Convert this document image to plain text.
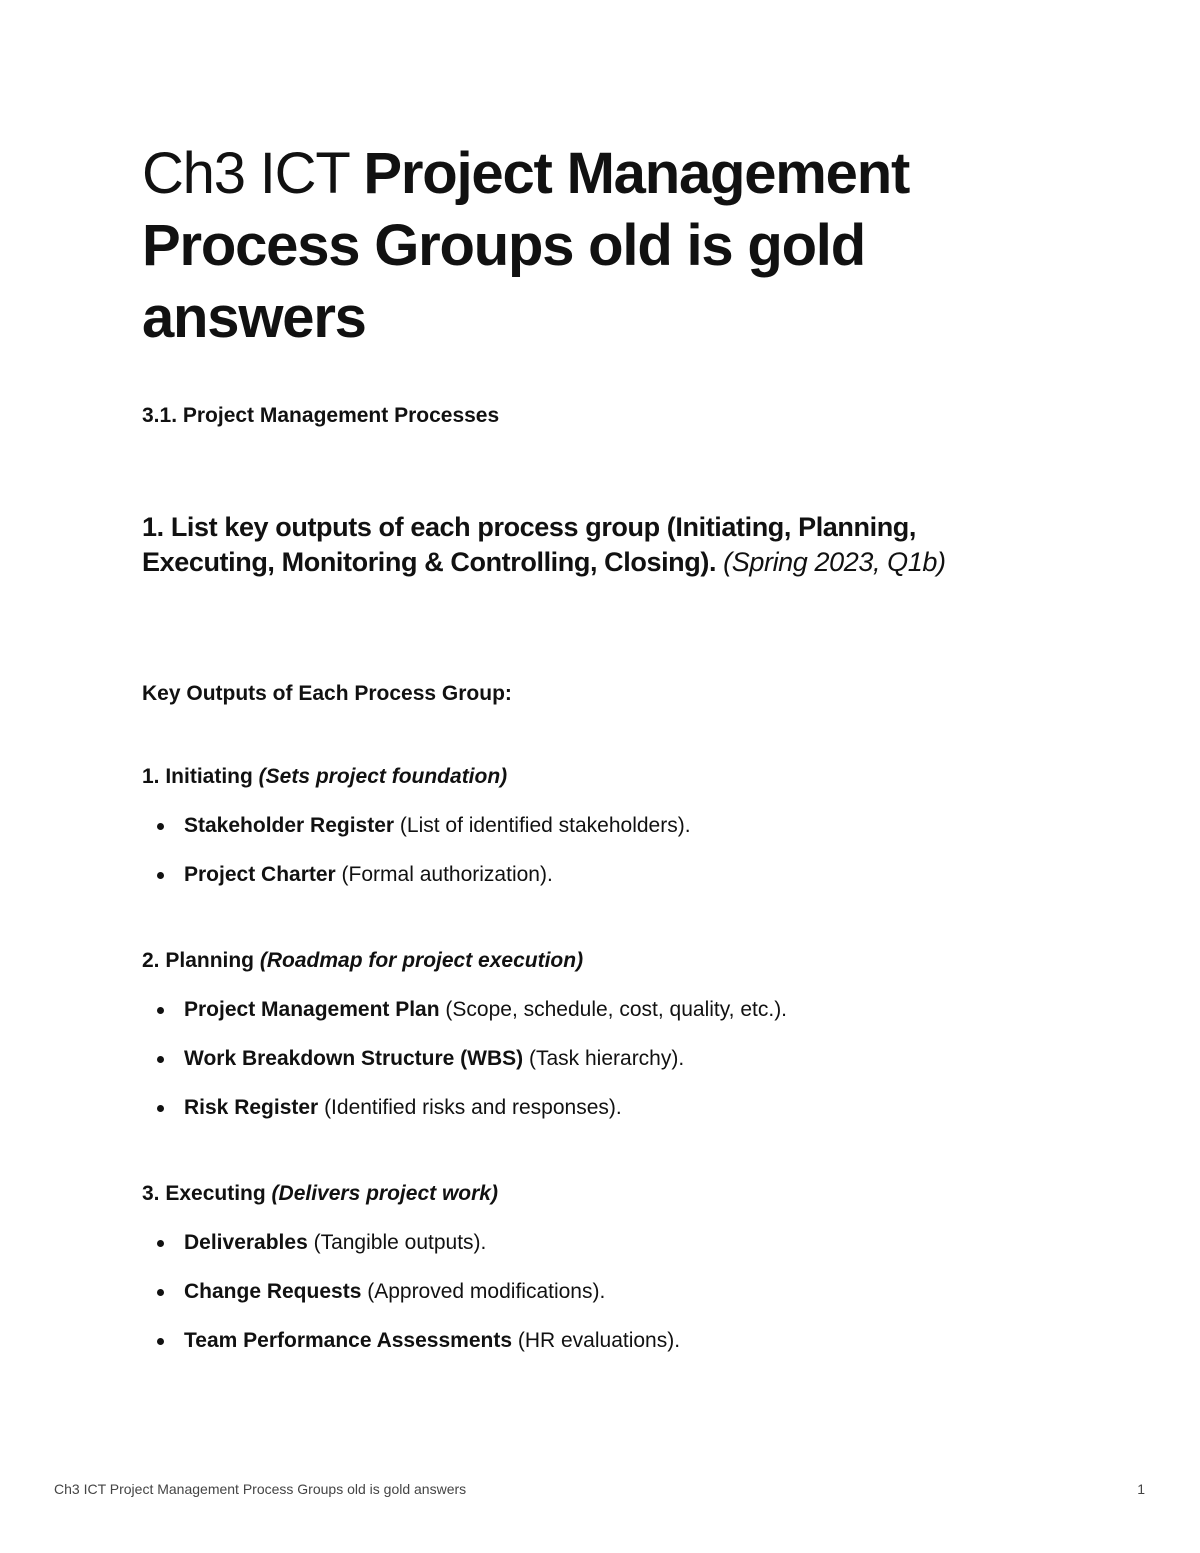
Ch3 ICT Project Management Process Groups old is gold answers

3.1. Project Management Processes

1. List key outputs of each process group (Initiating, Planning, Executing, Monitoring & Controlling, Closing). (Spring 2023, Q1b)

Key Outputs of Each Process Group:

1. Initiating (Sets project foundation)

Stakeholder Register (List of identified stakeholders).
Project Charter (Formal authorization).

2. Planning (Roadmap for project execution)

Project Management Plan (Scope, schedule, cost, quality, etc.).
Work Breakdown Structure (WBS) (Task hierarchy).
Risk Register (Identified risks and responses).

3. Executing (Delivers project work)

Deliverables (Tangible outputs).
Change Requests (Approved modifications).
Team Performance Assessments (HR evaluations).
Ch3 ICT Project Management Process Groups old is gold answers	1
